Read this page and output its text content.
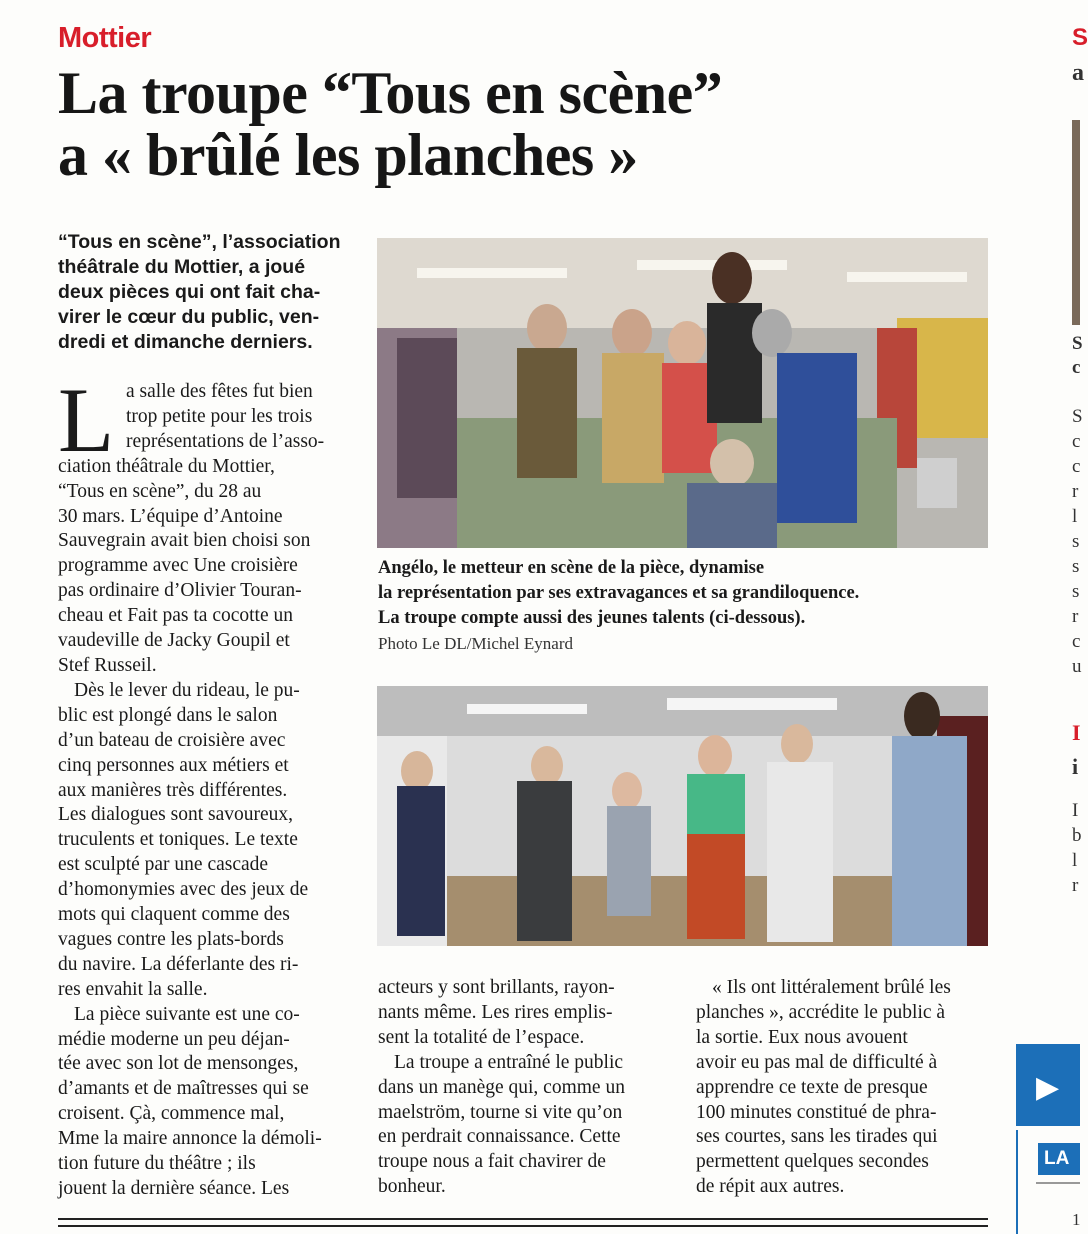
Mottier
La troupe “Tous en scène”
a « brûlé les planches »
“Tous en scène”, l’association
théâtrale du Mottier, a joué
deux pièces qui ont fait cha-
virer le cœur du public, ven-
dredi et dimanche derniers.
L a salle des fêtes fut bien
trop petite pour les trois
représentations de l’asso-
ciation théâtrale du Mottier,
“Tous en scène”, du 28 au
30 mars. L’équipe d’Antoine
Sauvegrain avait bien choisi son
programme avec Une croisière
pas ordinaire d’Olivier Touran-
cheau et Fait pas ta cocotte un
vaudeville de Jacky Goupil et
Stef Russeil.
Dès le lever du rideau, le pu-
blic est plongé dans le salon
d’un bateau de croisière avec
cinq personnes aux métiers et
aux manières très différentes.
Les dialogues sont savoureux,
truculents et toniques. Le texte
est sculpté par une cascade
d’homonymies avec des jeux de
mots qui claquent comme des
vagues contre les plats-bords
du navire. La déferlante des ri-
res envahit la salle.
La pièce suivante est une co-
médie moderne un peu déjan-
tée avec son lot de mensonges,
d’amants et de maîtresses qui se
croisent. Çà, commence mal,
Mme la maire annonce la démoli-
tion future du théâtre ; ils
jouent la dernière séance. Les
Angélo, le metteur en scène de la pièce, dynamise
la représentation par ses extravagances et sa grandiloquence.
La troupe compte aussi des jeunes talents (ci-dessous).
Photo Le DL/Michel Eynard
acteurs y sont brillants, rayon-
nants même. Les rires emplis-
sent la totalité de l’espace.
La troupe a entraîné le public
dans un manège qui, comme un
maelström, tourne si vite qu’on
en perdrait connaissance. Cette
troupe nous a fait chavirer de
bonheur.
« Ils ont littéralement brûlé les
planches », accrédite le public à
la sortie. Eux nous avouent
avoir eu pas mal de difficulté à
apprendre ce texte de presque
100 minutes constitué de phra-
ses courtes, sans les tirades qui
permettent quelques secondes
de répit aux autres.
S
a
S
c
S
c
c
r
l
s
s
s
r
c
u
I
i
I
b
l
r
▶
LA
1
